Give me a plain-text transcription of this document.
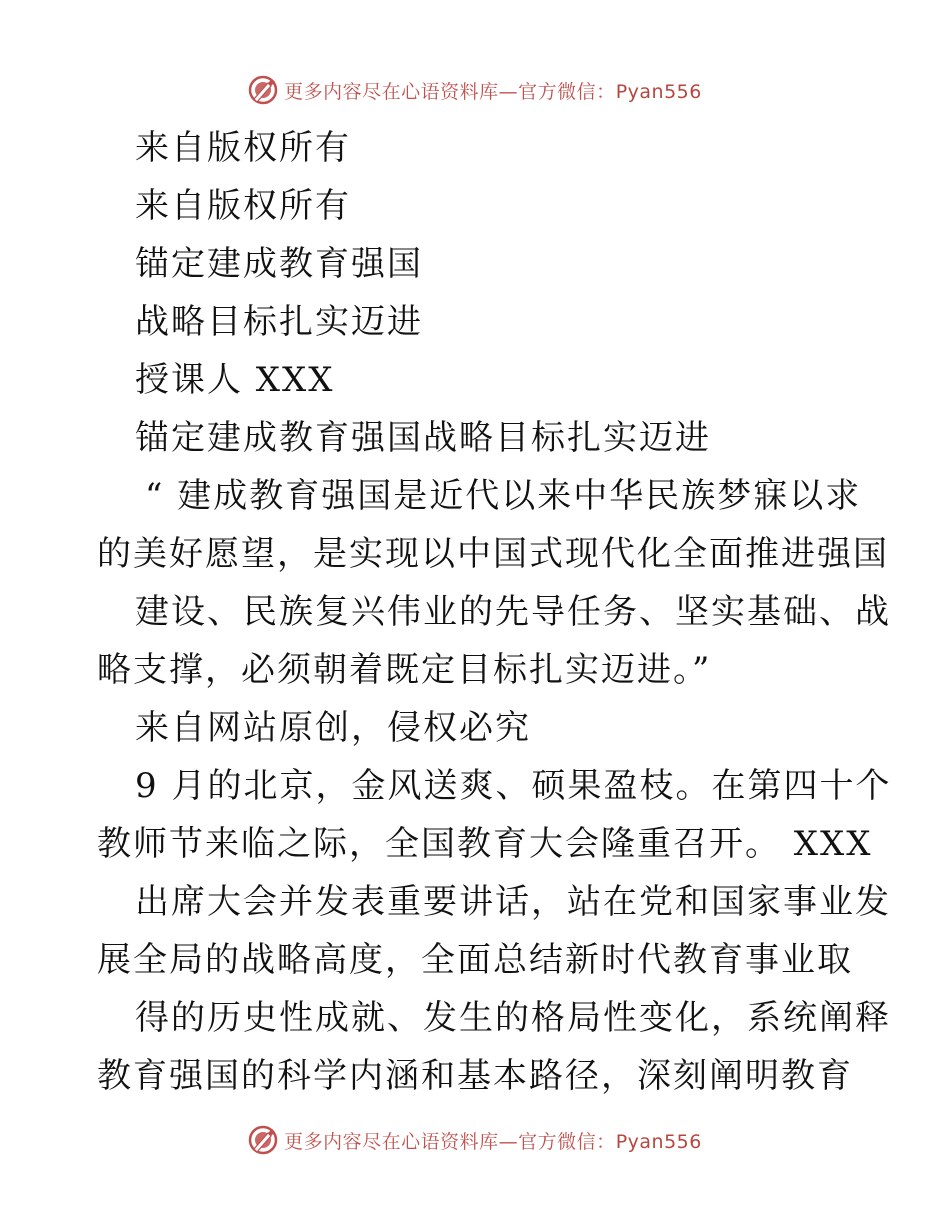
更多内容尽在心语资料库—官方微信：Pyan556
来自版权所有
来自版权所有
锚定建成教育强国
战略目标扎实迈进
授课人 XXX
锚定建成教育强国战略目标扎实迈进
“ 建成教育强国是近代以来中华民族梦寐以求
的美好愿望，是实现以中国式现代化全面推进强国
建设、民族复兴伟业的先导任务、坚实基础、战
略支撑，必须朝着既定目标扎实迈进。”
来自网站原创，侵权必究
9 月的北京，金风送爽、硕果盈枝。在第四十个
教师节来临之际，全国教育大会隆重召开。 XXX
出席大会并发表重要讲话，站在党和国家事业发
展全局的战略高度，全面总结新时代教育事业取
得的历史性成就、发生的格局性变化，系统阐释
教育强国的科学内涵和基本路径，深刻阐明教育
更多内容尽在心语资料库—官方微信：Pyan556
